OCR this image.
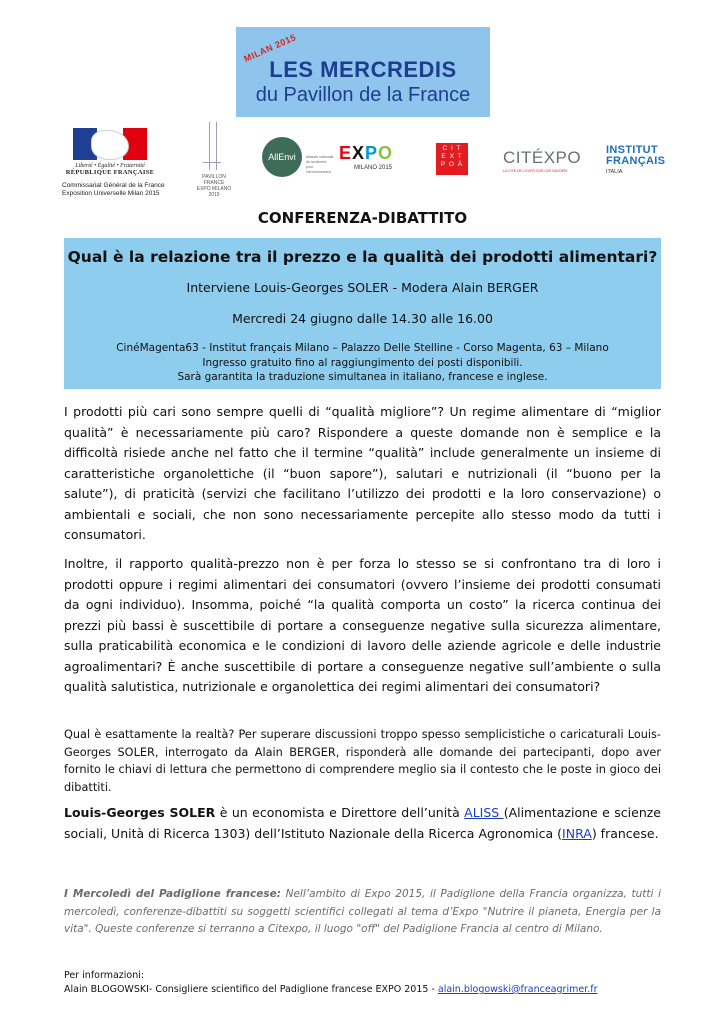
MILAN 2015
LES MERCREDIS
du Pavillon de la France
Liberté • Égalité • Fraternité
RÉPUBLIQUE FRANÇAISE
Commissariat Général de la France
Exposition Universelle Milan 2015
PAVILLON FRANCE
EXPO MILANO 2015
AllEnvi	Alliance nationale de recherche pour l'environnement
EXPO
MILANO 2015
C I T
E X T
P O À CITÉXPO
LA CITÉ DE L'EXPO SUR LES SAVOIRS
INSTITUT
FRANÇAIS
ITALIA
CONFERENZA-DIBATTITO
Qual è la relazione tra il prezzo e la qualità dei prodotti alimentari?
Interviene Louis-Georges SOLER - Modera Alain BERGER
Mercredi 24 giugno dalle 14.30 alle 16.00
CinéMagenta63 - Institut français Milano – Palazzo Delle Stelline - Corso Magenta, 63 – Milano
Ingresso gratuito fino al raggiungimento dei posti disponibili.
Sarà garantita la traduzione simultanea in italiano, francese e inglese.
I prodotti più cari sono sempre quelli di “qualità migliore”? Un regime alimentare di “miglior qualità” è necessariamente più caro? Rispondere a queste domande non è semplice e la difficoltà risiede anche nel fatto che il termine “qualità” include generalmente un insieme di caratteristiche organolettiche (il “buon sapore”), salutari e nutrizionali (il “buono per la salute”), di praticità (servizi che facilitano l’utilizzo dei prodotti e la loro conservazione) o ambientali e sociali, che non sono necessariamente percepite allo stesso modo da tutti i consumatori.
Inoltre, il rapporto qualità-prezzo non è per forza lo stesso se si confrontano tra di loro i prodotti oppure i regimi alimentari dei consumatori (ovvero l’insieme dei prodotti consumati da ogni individuo). Insomma, poiché “la qualità comporta un costo” la ricerca continua dei prezzi più bassi è suscettibile di portare a conseguenze negative sulla sicurezza alimentare, sulla praticabilità economica e le condizioni di lavoro delle aziende agricole e delle industrie agroalimentari? È anche suscettibile di portare a conseguenze negative sull’ambiente o sulla qualità salutistica, nutrizionale e organolettica dei regimi alimentari dei consumatori?
Qual è esattamente la realtà? Per superare discussioni troppo spesso semplicistiche o caricaturali Louis-Georges SOLER, interrogato da Alain BERGER, risponderà alle domande dei partecipanti, dopo aver fornito le chiavi di lettura che permettono di comprendere meglio sia il contesto che le poste in gioco dei dibattiti.
Louis-Georges SOLER è un economista e Direttore dell’unità ALISS (Alimentazione e scienze sociali, Unità di Ricerca 1303) dell’Istituto Nazionale della Ricerca Agronomica (INRA) francese.
I Mercoledì del Padiglione francese: Nell’ambito di Expo 2015, il Padiglione della Francia organizza, tutti i mercoledì, conferenze-dibattiti su soggetti scientifici collegati al tema d’Expo "Nutrire il pianeta, Energia per la vita". Queste conferenze si terranno a Citexpo, il luogo "off" del Padiglione Francia al centro di Milano.
Per informazioni:
Alain BLOGOWSKI- Consigliere scientifico del Padiglione francese EXPO 2015 - alain.blogowski@franceagrimer.fr
